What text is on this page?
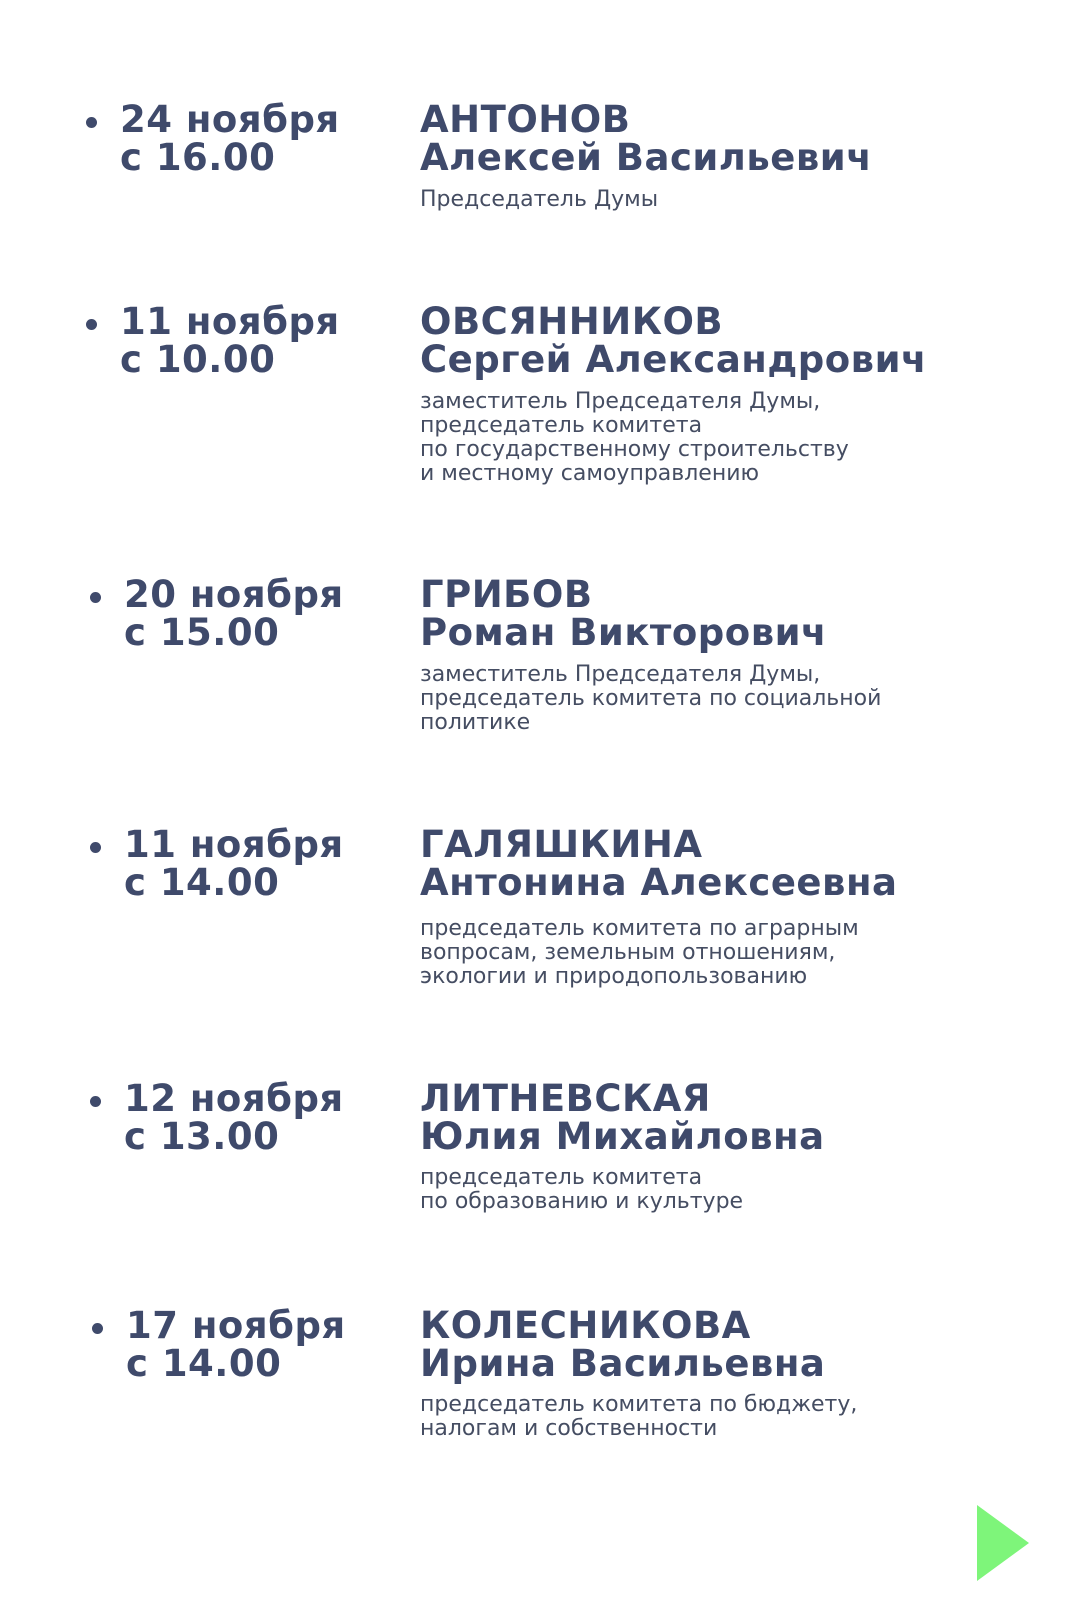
24 ноября
с 16.00
АНТОНОВ
Алексей Васильевич
Председатель Думы
11 ноября
с 10.00
ОВСЯННИКОВ
Сергей Александрович
заместитель Председателя Думы,
председатель комитета
по государственному строительству
и местному самоуправлению
20 ноября
с 15.00
ГРИБОВ
Роман Викторович
заместитель Председателя Думы,
председатель комитета по социальной
политике
11 ноября
с 14.00
ГАЛЯШКИНА
Антонина Алексеевна
председатель комитета по аграрным
вопросам, земельным отношениям,
экологии и природопользованию
12 ноября
с 13.00
ЛИТНЕВСКАЯ
Юлия Михайловна
председатель комитета
по образованию и культуре
17 ноября
с 14.00
КОЛЕСНИКОВА
Ирина Васильевна
председатель комитета по бюджету,
налогам и собственности
